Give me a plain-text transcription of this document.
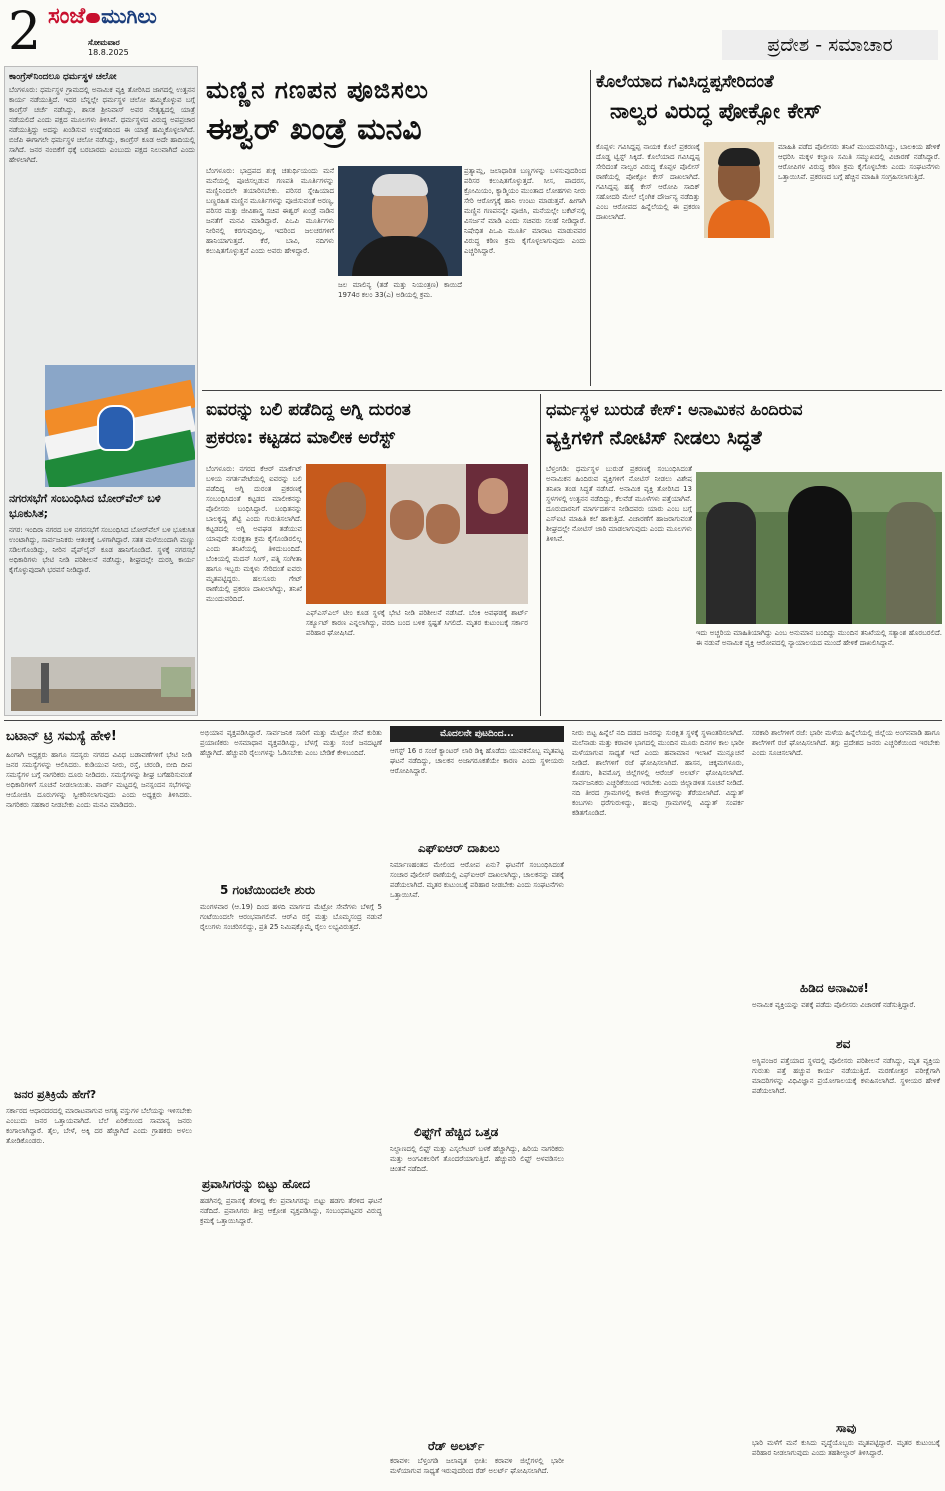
2 ಸಂಜೆ ಮುಗಿಲು
ಸೋಮವಾರ
18.8.2025	ಪ್ರದೇಶ - ಸಮಾಚಾರ
ಕಾಂಗ್ರೆಸ್‌ನಿಂದಲೂ ಧರ್ಮಸ್ಥಳ ಚಲೋ
ಬೆಂಗಳೂರು: ಧರ್ಮಸ್ಥಳ ಗ್ರಾಮದಲ್ಲಿ ಅನಾಮಿಕ ವ್ಯಕ್ತಿ ತೋರಿಸಿದ ಜಾಗದಲ್ಲಿ ಉತ್ಖನನ ಕಾರ್ಯ ನಡೆಯುತ್ತಿದೆ. ಇದರ ಬೆನ್ನಲ್ಲೇ ಧರ್ಮಸ್ಥಳ ಚಲೋ ಹಮ್ಮಿಕೊಳ್ಳುವ ಬಗ್ಗೆ ಕಾಂಗ್ರೆಸ್ ಚರ್ಚೆ ನಡೆಸಿದ್ದು, ಶಾಸಕ ಶ್ರೀನಿವಾಸ್ ಅವರ ನೇತೃತ್ವದಲ್ಲಿ ಯಾತ್ರೆ ನಡೆಯಲಿದೆ ಎಂದು ಪಕ್ಷದ ಮೂಲಗಳು ತಿಳಿಸಿವೆ. ಧರ್ಮಸ್ಥಳದ ವಿರುದ್ಧ ಅಪಪ್ರಚಾರ ನಡೆಯುತ್ತಿದ್ದು ಅದನ್ನು ಖಂಡಿಸುವ ಉದ್ದೇಶದಿಂದ ಈ ಯಾತ್ರೆ ಹಮ್ಮಿಕೊಳ್ಳಲಾಗಿದೆ. ಬಿಜೆಪಿ ಈಗಾಗಲೇ ಧರ್ಮಸ್ಥಳ ಚಲೋ ನಡೆಸಿದ್ದು, ಕಾಂಗ್ರೆಸ್ ಕೂಡ ಅದೇ ಹಾದಿಯಲ್ಲಿ ಸಾಗಿದೆ. ಜನರ ನಂಬಿಕೆಗೆ ಧಕ್ಕೆ ಬರಬಾರದು ಎಂಬುದು ಪಕ್ಷದ ನಿಲುವಾಗಿದೆ ಎಂದು ಹೇಳಲಾಗಿದೆ.
ನಗರಸಭೆಗೆ ಸಂಬಂಧಿಸಿದ ಬೋರ್‌ವೆಲ್ ಬಳಿ ಭೂಕುಸಿತ;
ನಗರ: ಇಂದಿರಾ ನಗರದ ಬಳಿ ನಗರಸಭೆಗೆ ಸಂಬಂಧಿಸಿದ ಬೋರ್‌ವೆಲ್ ಬಳಿ ಭೂಕುಸಿತ ಉಂಟಾಗಿದ್ದು, ಸಾರ್ವಜನಿಕರು ಆತಂಕಕ್ಕೆ ಒಳಗಾಗಿದ್ದಾರೆ. ಸತತ ಮಳೆಯಿಂದಾಗಿ ಮಣ್ಣು ಸಡಿಲಗೊಂಡಿದ್ದು, ನೀರಿನ ಪೈಪ್‌ಲೈನ್ ಕೂಡ ಹಾನಿಗೊಂಡಿದೆ. ಸ್ಥಳಕ್ಕೆ ನಗರಸಭೆ ಅಧಿಕಾರಿಗಳು ಭೇಟಿ ನೀಡಿ ಪರಿಶೀಲನೆ ನಡೆಸಿದ್ದು, ಶೀಘ್ರದಲ್ಲೇ ದುರಸ್ತಿ ಕಾರ್ಯ ಕೈಗೊಳ್ಳುವುದಾಗಿ ಭರವಸೆ ನೀಡಿದ್ದಾರೆ.
ಮಣ್ಣಿನ ಗಣಪನ ಪೂಜಿಸಲು
ಈಶ್ವರ್ ಖಂಡ್ರೆ ಮನವಿ
ಬೆಂಗಳೂರು: ಭಾದ್ರಪದ ಶುಕ್ಲ ಚತುರ್ಥಿಯಂದು ಮನೆ ಮನೆಯಲ್ಲಿ ಪೂಜಿಸಲ್ಪಡುವ ಗಣಪತಿ ಮೂರ್ತಿಗಳನ್ನು ಮಣ್ಣಿನಿಂದಲೇ ತಯಾರಿಸಬೇಕು. ಪರಿಸರ ಸ್ನೇಹಿಯಾದ ಬಣ್ಣರಹಿತ ಮಣ್ಣಿನ ಮೂರ್ತಿಗಳನ್ನು ಪೂಜಿಸುವಂತೆ ಅರಣ್ಯ, ಪರಿಸರ ಮತ್ತು ಜೀವಿಶಾಸ್ತ್ರ ಸಚಿವ ಈಶ್ವರ್ ಖಂಡ್ರೆ ನಾಡಿನ ಜನತೆಗೆ ಮನವಿ ಮಾಡಿದ್ದಾರೆ. ಪಿಒಪಿ ಮೂರ್ತಿಗಳು ನೀರಿನಲ್ಲಿ ಕರಗುವುದಿಲ್ಲ, ಇದರಿಂದ ಜಲಚರಗಳಿಗೆ ಹಾನಿಯಾಗುತ್ತದೆ. ಕೆರೆ, ಬಾವಿ, ನದಿಗಳು ಕಲುಷಿತಗೊಳ್ಳುತ್ತವೆ ಎಂದು ಅವರು ಹೇಳಿದ್ದಾರೆ.
ಜಲ ಮಾಲಿನ್ಯ (ತಡೆ ಮತ್ತು ನಿಯಂತ್ರಣ) ಕಾಯಿದೆ 1974ರ ಕಲಂ 33(ಎ) ಅಡಿಯಲ್ಲಿ ಕ್ರಮ.
ಪ್ರತ್ಯಾಮ್ಲ, ಜಲಾಧಾರಿತ ಬಣ್ಣಗಳನ್ನು ಬಳಸುವುದರಿಂದ ಪರಿಸರ ಕಲುಷಿತಗೊಳ್ಳುತ್ತದೆ. ಸೀಸ, ಪಾದರಸ, ಕ್ರೋಮಿಯಂ, ಕ್ಯಾಡ್ಮಿಯಂ ಮುಂತಾದ ಲೋಹಗಳು ನೀರು ಸೇರಿ ಆರೋಗ್ಯಕ್ಕೆ ಹಾನಿ ಉಂಟು ಮಾಡುತ್ತವೆ. ಹೀಗಾಗಿ ಮಣ್ಣಿನ ಗಣಪನನ್ನೇ ಪೂಜಿಸಿ, ಮನೆಯಲ್ಲೇ ಬಕೆಟ್‌ನಲ್ಲಿ ವಿಸರ್ಜನೆ ಮಾಡಿ ಎಂದು ಸಚಿವರು ಸಲಹೆ ನೀಡಿದ್ದಾರೆ. ನಿಷೇಧಿತ ಪಿಒಪಿ ಮೂರ್ತಿ ಮಾರಾಟ ಮಾಡುವವರ ವಿರುದ್ಧ ಕಠಿಣ ಕ್ರಮ ಕೈಗೊಳ್ಳಲಾಗುವುದು ಎಂದು ಎಚ್ಚರಿಸಿದ್ದಾರೆ.
ಕೊಲೆಯಾದ ಗವಿಸಿದ್ದಪ್ಪಸೇರಿದಂತೆ
ನಾಲ್ವರ ವಿರುದ್ಧ ಪೋಕ್ಸೋ ಕೇಸ್
ಕೊಪ್ಪಳ: ಗವಿಸಿದ್ದಪ್ಪ ನಾಯಕ ಕೊಲೆ ಪ್ರಕರಣಕ್ಕೆ ದೊಡ್ಡ ಟ್ವಿಸ್ಟ್ ಸಿಕ್ಕಿದೆ. ಕೊಲೆಯಾದ ಗವಿಸಿದ್ದಪ್ಪ ಸೇರಿದಂತೆ ನಾಲ್ವರ ವಿರುದ್ಧ ಕೊಪ್ಪಳ ಪೊಲೀಸ್ ಠಾಣೆಯಲ್ಲಿ ಪೋಕ್ಸೋ ಕೇಸ್ ದಾಖಲಾಗಿದೆ. ಗವಿಸಿದ್ದಪ್ಪ ಹತ್ಯೆ ಕೇಸ್ ಆರೋಪಿ ಸಾದಿಕ್ ಸಹೋದರಿ ಮೇಲೆ ಲೈಂಗಿಕ ದೌರ್ಜನ್ಯ ನಡೆದಿತ್ತು ಎಂಬ ಆರೋಪದ ಹಿನ್ನೆಲೆಯಲ್ಲಿ ಈ ಪ್ರಕರಣ ದಾಖಲಾಗಿದೆ.
ಮಾಹಿತಿ ಪಡೆದ ಪೊಲೀಸರು ತನಿಖೆ ಮುಂದುವರಿಸಿದ್ದು, ಬಾಲಕಿಯ ಹೇಳಿಕೆ ಆಧರಿಸಿ ಮಕ್ಕಳ ಕಲ್ಯಾಣ ಸಮಿತಿ ಸಮ್ಮುಖದಲ್ಲಿ ವಿಚಾರಣೆ ನಡೆಸಿದ್ದಾರೆ. ಆರೋಪಿಗಳ ವಿರುದ್ಧ ಕಠಿಣ ಕ್ರಮ ಕೈಗೊಳ್ಳಬೇಕು ಎಂದು ಸಂಘಟನೆಗಳು ಒತ್ತಾಯಿಸಿವೆ. ಪ್ರಕರಣದ ಬಗ್ಗೆ ಹೆಚ್ಚಿನ ಮಾಹಿತಿ ಸಂಗ್ರಹಿಸಲಾಗುತ್ತಿದೆ.
ಐವರನ್ನು ಬಲಿ ಪಡೆದಿದ್ದ ಅಗ್ನಿ ದುರಂತ
ಪ್ರಕರಣ: ಕಟ್ಟಡದ ಮಾಲೀಕ ಅರೆಸ್ಟ್
ಬೆಂಗಳೂರು: ನಗರದ ಕೆಆರ್ ಮಾರ್ಕೆಟ್ ಬಳಿಯ ನಗರ್ತಪೇಟೆಯಲ್ಲಿ ಐವರನ್ನು ಬಲಿ ಪಡೆದಿದ್ದ ಅಗ್ನಿ ದುರಂತ ಪ್ರಕರಣಕ್ಕೆ ಸಂಬಂಧಿಸಿದಂತೆ ಕಟ್ಟಡದ ಮಾಲೀಕನನ್ನು ಪೊಲೀಸರು ಬಂಧಿಸಿದ್ದಾರೆ. ಬಂಧಿತನನ್ನು ಬಾಲಕೃಷ್ಣ ಶೆಟ್ಟಿ ಎಂದು ಗುರುತಿಸಲಾಗಿದೆ. ಕಟ್ಟಡದಲ್ಲಿ ಅಗ್ನಿ ಅವಘಡ ತಡೆಯುವ ಯಾವುದೇ ಸುರಕ್ಷತಾ ಕ್ರಮ ಕೈಗೊಂಡಿರಲಿಲ್ಲ ಎಂದು ತನಿಖೆಯಲ್ಲಿ ತಿಳಿದುಬಂದಿದೆ. ಬೆಂಕಿಯಲ್ಲಿ ಮದನ್ ಸಿಂಗ್, ಪತ್ನಿ ಸಂಗೀತಾ ಹಾಗೂ ಇಬ್ಬರು ಮಕ್ಕಳು ಸೇರಿದಂತೆ ಐವರು ಮೃತಪಟ್ಟಿದ್ದರು. ಹಲಸೂರು ಗೇಟ್ ಠಾಣೆಯಲ್ಲಿ ಪ್ರಕರಣ ದಾಖಲಾಗಿದ್ದು, ತನಿಖೆ ಮುಂದುವರಿದಿದೆ.
ಎಫ್‌ಎಸ್‌ಎಲ್ ಟೀಂ ಕೂಡ ಸ್ಥಳಕ್ಕೆ ಭೇಟಿ ನೀಡಿ ಪರಿಶೀಲನೆ ನಡೆಸಿದೆ. ಬೆಂಕಿ ಅವಘಡಕ್ಕೆ ಶಾರ್ಟ್ ಸರ್ಕ್ಯೂಟ್ ಕಾರಣ ಎನ್ನಲಾಗಿದ್ದು, ವರದಿ ಬಂದ ಬಳಿಕ ಸ್ಪಷ್ಟತೆ ಸಿಗಲಿದೆ. ಮೃತರ ಕುಟುಂಬಕ್ಕೆ ಸರ್ಕಾರ ಪರಿಹಾರ ಘೋಷಿಸಿದೆ.
ಧರ್ಮಸ್ಥಳ ಬುರುಡೆ ಕೇಸ್: ಅನಾಮಿಕನ ಹಿಂದಿರುವ
ವ್ಯಕ್ತಿಗಳಿಗೆ ನೋಟಿಸ್ ನೀಡಲು ಸಿದ್ಧತೆ
ಬೆಳ್ತಂಗಡಿ: ಧರ್ಮಸ್ಥಳ ಬುರುಡೆ ಪ್ರಕರಣಕ್ಕೆ ಸಂಬಂಧಿಸಿದಂತೆ ಅನಾಮಿಕನ ಹಿಂದಿರುವ ವ್ಯಕ್ತಿಗಳಿಗೆ ನೋಟಿಸ್ ನೀಡಲು ವಿಶೇಷ ತನಿಖಾ ತಂಡ ಸಿದ್ಧತೆ ನಡೆಸಿದೆ. ಅನಾಮಿಕ ವ್ಯಕ್ತಿ ತೋರಿಸಿದ 13 ಸ್ಥಳಗಳಲ್ಲಿ ಉತ್ಖನನ ನಡೆದಿದ್ದು, ಕೆಲವೆಡೆ ಮೂಳೆಗಳು ಪತ್ತೆಯಾಗಿವೆ. ದೂರುದಾರನಿಗೆ ಮಾರ್ಗದರ್ಶನ ನೀಡಿದವರು ಯಾರು ಎಂಬ ಬಗ್ಗೆ ಎಸ್ಐಟಿ ಮಾಹಿತಿ ಕಲೆ ಹಾಕುತ್ತಿದೆ. ವಿಚಾರಣೆಗೆ ಹಾಜರಾಗುವಂತೆ ಶೀಘ್ರದಲ್ಲೇ ನೋಟಿಸ್ ಜಾರಿ ಮಾಡಲಾಗುವುದು ಎಂದು ಮೂಲಗಳು ತಿಳಿಸಿವೆ.
ಇದು ಅಚ್ಚರಿಯ ಮಾಹಿತಿಯಾಗಿದ್ದು ಎಂಬ ಅನುಮಾನ ಬಂದಿದ್ದು ಮುಂದಿನ ತನಿಖೆಯಲ್ಲಿ ಸತ್ಯಾಂಶ ಹೊರಬರಲಿದೆ. ಈ ನಡುವೆ ಅನಾಮಿಕ ವ್ಯಕ್ತಿ ಆರೋಪದಲ್ಲಿ ನ್ಯಾಯಾಲಯದ ಮುಂದೆ ಹೇಳಿಕೆ ದಾಖಲಿಸಿದ್ದಾನೆ.
ಬಟಾನ್ ಟ್ರಿ ಸಮಸ್ಯೆ ಹೇಳಿ!
ಹಿಂಗಾಗಿ ಅಧ್ಯಕ್ಷರು ಹಾಗೂ ಸದಸ್ಯರು ನಗರದ ವಿವಿಧ ಬಡಾವಣೆಗಳಿಗೆ ಭೇಟಿ ನೀಡಿ ಜನರ ಸಮಸ್ಯೆಗಳನ್ನು ಆಲಿಸಿದರು. ಕುಡಿಯುವ ನೀರು, ರಸ್ತೆ, ಚರಂಡಿ, ಬೀದಿ ದೀಪ ಸಮಸ್ಯೆಗಳ ಬಗ್ಗೆ ನಾಗರಿಕರು ದೂರು ನೀಡಿದರು. ಸಮಸ್ಯೆಗಳನ್ನು ಶೀಘ್ರ ಬಗೆಹರಿಸುವಂತೆ ಅಧಿಕಾರಿಗಳಿಗೆ ಸೂಚನೆ ನೀಡಲಾಯಿತು. ವಾರ್ಡ್ ಮಟ್ಟದಲ್ಲಿ ಜನಸ್ಪಂದನ ಸಭೆಗಳನ್ನು ಆಯೋಜಿಸಿ ದೂರುಗಳನ್ನು ಸ್ವೀಕರಿಸಲಾಗುವುದು ಎಂದು ಅಧ್ಯಕ್ಷರು ತಿಳಿಸಿದರು. ನಾಗರಿಕರು ಸಹಕಾರ ನೀಡಬೇಕು ಎಂದು ಮನವಿ ಮಾಡಿದರು.
ಜನರ ಪ್ರತಿಕ್ರಿಯೆ ಹೇಗೆ?
ಸರ್ಕಾರದ ಆಧಾರದರದಲ್ಲಿ ಮಾರಾಟವಾಗುವ ಅಗತ್ಯ ವಸ್ತುಗಳ ಬೆಲೆಯನ್ನು ಇಳಿಸಬೇಕು ಎಂಬುದು ಜನರ ಒತ್ತಾಯವಾಗಿದೆ. ಬೆಲೆ ಏರಿಕೆಯಿಂದ ಸಾಮಾನ್ಯ ಜನರು ಕಂಗಾಲಾಗಿದ್ದಾರೆ. ತೈಲ, ಬೇಳೆ, ಅಕ್ಕಿ ದರ ಹೆಚ್ಚಾಗಿದೆ ಎಂದು ಗ್ರಾಹಕರು ಅಳಲು ತೋಡಿಕೊಂಡರು.
ಅಭಿಯಾನ ವ್ಯಕ್ತಪಡಿಸಿದ್ದಾರೆ. ಸಾರ್ವಜನಿಕ ಸಾರಿಗೆ ಮತ್ತು ಮೆಟ್ರೋ ಸೇವೆ ಕುರಿತು ಪ್ರಯಾಣಿಕರು ಅಸಮಾಧಾನ ವ್ಯಕ್ತಪಡಿಸಿದ್ದು, ಬೆಳಗ್ಗೆ ಮತ್ತು ಸಂಜೆ ಜನದಟ್ಟಣೆ ಹೆಚ್ಚಾಗಿದೆ. ಹೆಚ್ಚುವರಿ ರೈಲುಗಳನ್ನು ಓಡಿಸಬೇಕು ಎಂಬ ಬೇಡಿಕೆ ಕೇಳಿಬಂದಿದೆ.
5 ಗಂಟೆಯಿಂದಲೇ ಶುರು
ಮಂಗಳವಾರ (ಆ.19) ದಿಂದ ಹಳದಿ ಮಾರ್ಗದ ಮೆಟ್ರೋ ಸೇವೆಗಳು ಬೆಳಿಗ್ಗೆ 5 ಗಂಟೆಯಿಂದಲೇ ಆರಂಭವಾಗಲಿವೆ. ಆರ್‌ವಿ ರಸ್ತೆ ಮತ್ತು ಬೊಮ್ಮಸಂದ್ರ ನಡುವೆ ರೈಲುಗಳು ಸಂಚರಿಸಲಿದ್ದು, ಪ್ರತಿ 25 ನಿಮಿಷಕ್ಕೊಮ್ಮೆ ರೈಲು ಲಭ್ಯವಿರುತ್ತದೆ.
ಪ್ರವಾಸಿಗರನ್ನು ಬಿಟ್ಟು ಹೋದ
ಹಡಗಿನಲ್ಲಿ ಪ್ರವಾಸಕ್ಕೆ ತೆರಳಿದ್ದ ಕೆಲ ಪ್ರವಾಸಿಗರನ್ನು ಬಿಟ್ಟು ಹಡಗು ತೆರಳಿದ ಘಟನೆ ನಡೆದಿದೆ. ಪ್ರವಾಸಿಗರು ತೀವ್ರ ಆಕ್ರೋಶ ವ್ಯಕ್ತಪಡಿಸಿದ್ದು, ಸಂಬಂಧಪಟ್ಟವರ ವಿರುದ್ಧ ಕ್ರಮಕ್ಕೆ ಒತ್ತಾಯಿಸಿದ್ದಾರೆ.
ಮೊದಲನೇ ಪುಟದಿಂದ...
ಆಗಸ್ಟ್ 16 ರ ಸಂಜೆ ಕ್ಯಾಂಟರ್ ಲಾರಿ ಡಿಕ್ಕಿ ಹೊಡೆದು ಯುವಕನೊಬ್ಬ ಮೃತಪಟ್ಟ ಘಟನೆ ನಡೆದಿದ್ದು, ಚಾಲಕನ ಅಜಾಗರೂಕತೆಯೇ ಕಾರಣ ಎಂದು ಸ್ಥಳೀಯರು ಆರೋಪಿಸಿದ್ದಾರೆ.
ಎಫ್‌ಐಆರ್ ದಾಖಲು
ನಿರ್ಮಾಣಹಂತದ ಮೇಲಿಂದ ಆರೋಪ ಏನು? ಘಟನೆಗೆ ಸಂಬಂಧಿಸಿದಂತೆ ಸಂಚಾರ ಪೊಲೀಸ್ ಠಾಣೆಯಲ್ಲಿ ಎಫ್‌ಐಆರ್ ದಾಖಲಾಗಿದ್ದು, ಚಾಲಕನನ್ನು ವಶಕ್ಕೆ ಪಡೆಯಲಾಗಿದೆ. ಮೃತರ ಕುಟುಂಬಕ್ಕೆ ಪರಿಹಾರ ನೀಡಬೇಕು ಎಂದು ಸಂಘಟನೆಗಳು ಒತ್ತಾಯಿಸಿವೆ.
ಲಿಫ್ಟ್‌ಗೆ ಹೆಚ್ಚಿದ ಒತ್ತಡ
ನಿಲ್ದಾಣದಲ್ಲಿ ಲಿಫ್ಟ್ ಮತ್ತು ಎಸ್ಕಲೇಟರ್ ಬಳಕೆ ಹೆಚ್ಚಾಗಿದ್ದು, ಹಿರಿಯ ನಾಗರಿಕರು ಮತ್ತು ಅಂಗವಿಕಲರಿಗೆ ತೊಂದರೆಯಾಗುತ್ತಿದೆ. ಹೆಚ್ಚುವರಿ ಲಿಫ್ಟ್ ಅಳವಡಿಸಲು ಚಿಂತನೆ ನಡೆದಿದೆ.
ರೆಡ್ ಅಲರ್ಟ್
ಕರಾವಳಿ: ಬೆಳ್ತಂಗಡಿ ಜಲಾವೃತ ಭೀತಿ: ಕರಾವಳಿ ಜಿಲ್ಲೆಗಳಲ್ಲಿ ಭಾರೀ ಮಳೆಯಾಗುವ ಸಾಧ್ಯತೆ ಇರುವುದರಿಂದ ರೆಡ್ ಅಲರ್ಟ್ ಘೋಷಿಸಲಾಗಿದೆ.
ನೀರು ಬಿಟ್ಟ ಹಿನ್ನೆಲೆ ನದಿ ದಡದ ಜನರನ್ನು ಸುರಕ್ಷಿತ ಸ್ಥಳಕ್ಕೆ ಸ್ಥಳಾಂತರಿಸಲಾಗಿದೆ. ಮಲೆನಾಡು ಮತ್ತು ಕರಾವಳಿ ಭಾಗದಲ್ಲಿ ಮುಂದಿನ ಮೂರು ದಿನಗಳ ಕಾಲ ಭಾರೀ ಮಳೆಯಾಗುವ ಸಾಧ್ಯತೆ ಇದೆ ಎಂದು ಹವಾಮಾನ ಇಲಾಖೆ ಮುನ್ಸೂಚನೆ ನೀಡಿದೆ. ಶಾಲೆಗಳಿಗೆ ರಜೆ ಘೋಷಿಸಲಾಗಿದೆ. ಹಾಸನ, ಚಿಕ್ಕಮಗಳೂರು, ಕೊಡಗು, ಶಿವಮೊಗ್ಗ ಜಿಲ್ಲೆಗಳಲ್ಲಿ ಆರೆಂಜ್ ಅಲರ್ಟ್ ಘೋಷಿಸಲಾಗಿದೆ. ಸಾರ್ವಜನಿಕರು ಎಚ್ಚರಿಕೆಯಿಂದ ಇರಬೇಕು ಎಂದು ಜಿಲ್ಲಾಡಳಿತ ಸೂಚನೆ ನೀಡಿದೆ. ನದಿ ತೀರದ ಗ್ರಾಮಗಳಲ್ಲಿ ಕಾಳಜಿ ಕೇಂದ್ರಗಳನ್ನು ತೆರೆಯಲಾಗಿದೆ. ವಿದ್ಯುತ್ ಕಂಬಗಳು ಧರೆಗುರುಳಿದ್ದು, ಹಲವು ಗ್ರಾಮಗಳಲ್ಲಿ ವಿದ್ಯುತ್ ಸಂಪರ್ಕ ಕಡಿತಗೊಂಡಿದೆ.
ಸರಕಾರಿ ಶಾಲೆಗಳಿಗೆ ರಜೆ: ಭಾರೀ ಮಳೆಯ ಹಿನ್ನೆಲೆಯಲ್ಲಿ ಜಿಲ್ಲೆಯ ಅಂಗನವಾಡಿ ಹಾಗೂ ಶಾಲೆಗಳಿಗೆ ರಜೆ ಘೋಷಿಸಲಾಗಿದೆ. ತಗ್ಗು ಪ್ರದೇಶದ ಜನರು ಎಚ್ಚರಿಕೆಯಿಂದ ಇರಬೇಕು ಎಂದು ಸೂಚಿಸಲಾಗಿದೆ.
ಹಿಡಿದ ಅನಾಮಿಕ!
ಅನಾಮಿಕ ವ್ಯಕ್ತಿಯನ್ನು ವಶಕ್ಕೆ ಪಡೆದು ಪೊಲೀಸರು ವಿಚಾರಣೆ ನಡೆಸುತ್ತಿದ್ದಾರೆ.
ಶವ
ಅಸ್ಥಿಪಂಜರ ಪತ್ತೆಯಾದ ಸ್ಥಳದಲ್ಲಿ ಪೊಲೀಸರು ಪರಿಶೀಲನೆ ನಡೆಸಿದ್ದು, ಮೃತ ವ್ಯಕ್ತಿಯ ಗುರುತು ಪತ್ತೆ ಹಚ್ಚುವ ಕಾರ್ಯ ನಡೆಯುತ್ತಿದೆ. ಮರಣೋತ್ತರ ಪರೀಕ್ಷೆಗಾಗಿ ಮಾದರಿಗಳನ್ನು ವಿಧಿವಿಜ್ಞಾನ ಪ್ರಯೋಗಾಲಯಕ್ಕೆ ಕಳುಹಿಸಲಾಗಿದೆ. ಸ್ಥಳೀಯರ ಹೇಳಿಕೆ ಪಡೆಯಲಾಗಿದೆ.
ಸಾವು
ಭಾರಿ ಮಳೆಗೆ ಮನೆ ಕುಸಿದು ವೃದ್ಧೆಯೊಬ್ಬರು ಮೃತಪಟ್ಟಿದ್ದಾರೆ. ಮೃತರ ಕುಟುಂಬಕ್ಕೆ ಪರಿಹಾರ ನೀಡಲಾಗುವುದು ಎಂದು ತಹಶೀಲ್ದಾರ್ ತಿಳಿಸಿದ್ದಾರೆ.
